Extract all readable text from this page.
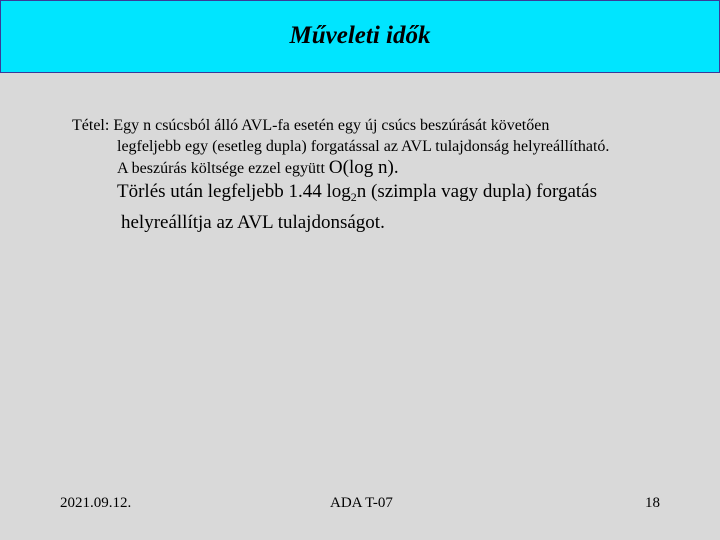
Műveleti idők
Tétel: Egy n csúcsból álló AVL-fa esetén egy új csúcs beszúrását követően
legfeljebb egy (esetleg dupla) forgatással az AVL tulajdonság helyreállítható.
A beszúrás költsége ezzel együtt O(log n).
Törlés után legfeljebb 1.44 $\log_2n$ (szimpla vagy dupla) forgatás
helyreállítja az AVL tulajdonságot.
2021.09.12.	ADA T-07	18
